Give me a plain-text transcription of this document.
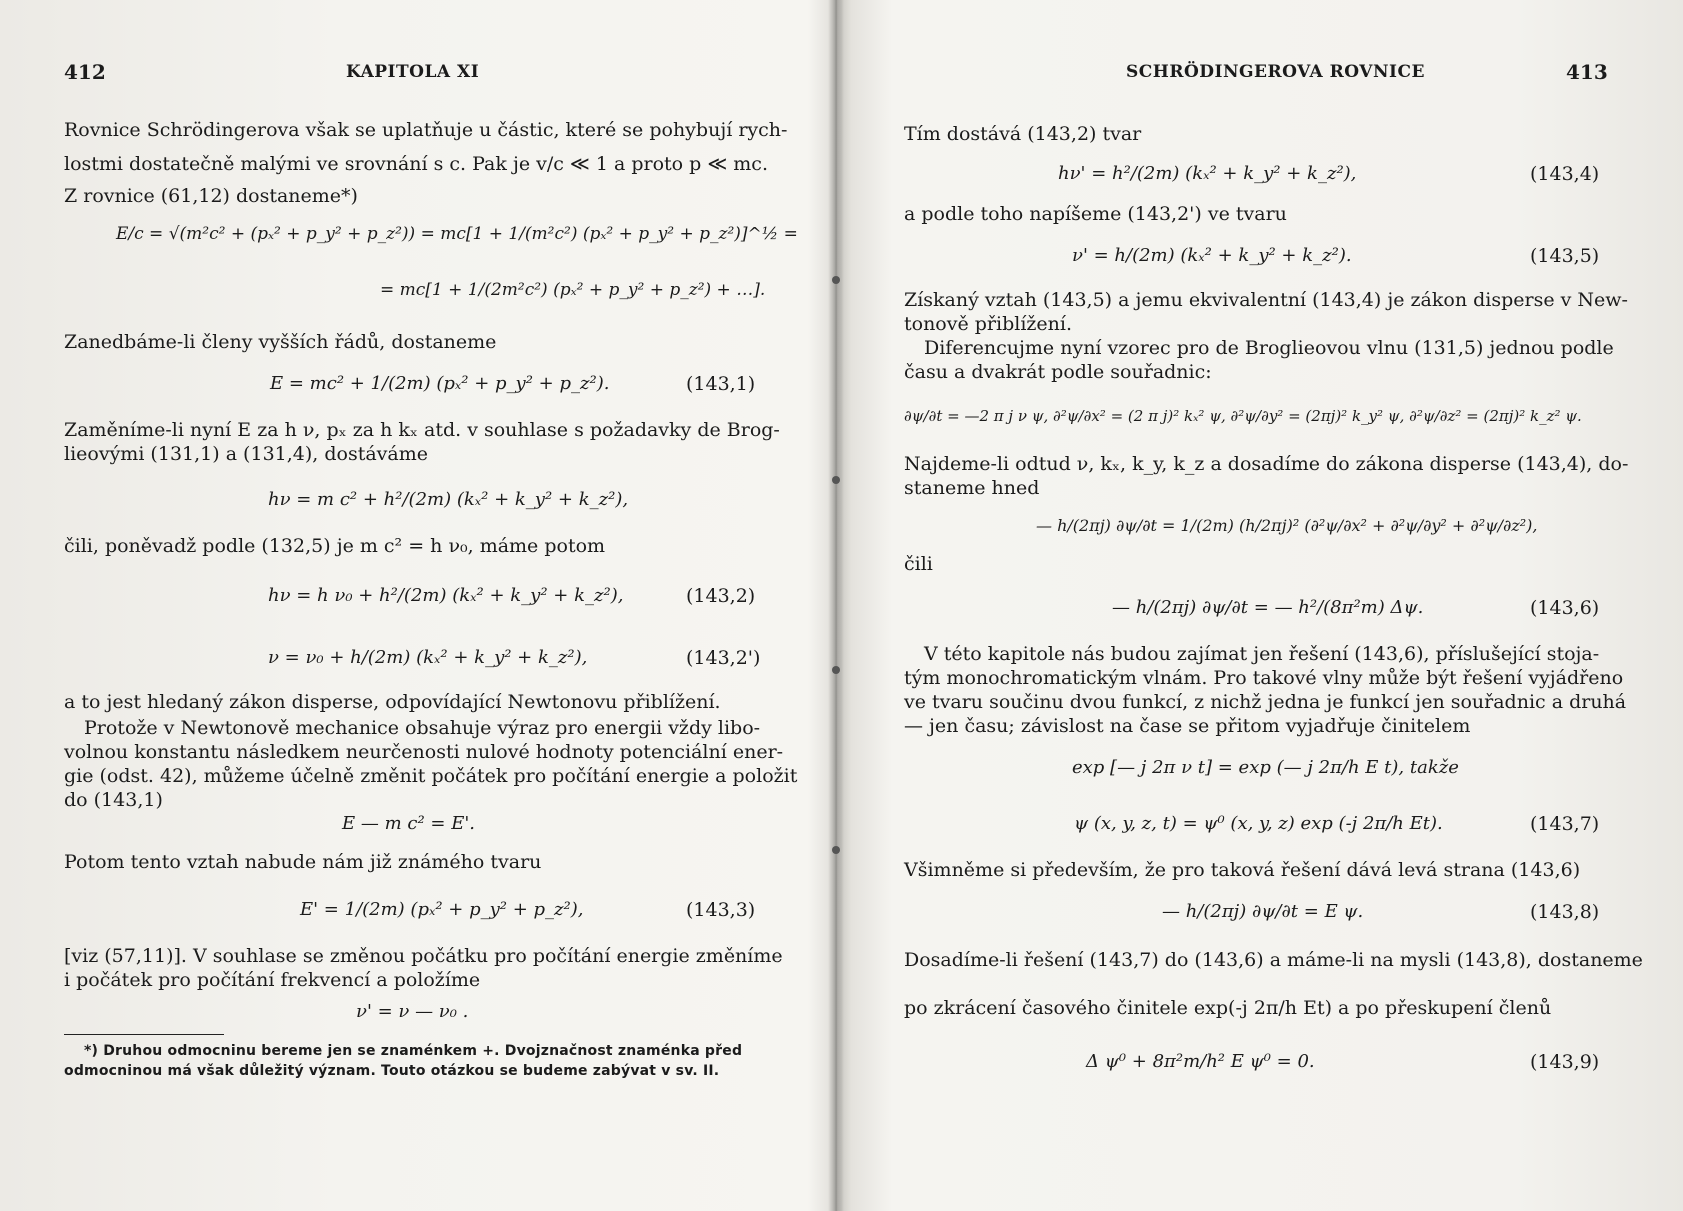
412	KAPITOLA XI
Rovnice Schrödingerova však se uplatňuje u částic, které se pohybují rych-
lostmi dostatečně malými ve srovnání s c. Pak je v/c ≪ 1 a proto p ≪ mc.
Z rovnice (61,12) dostaneme*)
E/c = √(m²c² + (pₓ² + p_y² + p_z²)) = mc[1 + 1/(m²c²) (pₓ² + p_y² + p_z²)]^½ =
= mc[1 + 1/(2m²c²) (pₓ² + p_y² + p_z²) + …].
Zanedbáme-li členy vyšších řádů, dostaneme
E = mc² + 1/(2m) (pₓ² + p_y² + p_z²).	(143,1)
Zaměníme-li nyní E za h ν, pₓ za h kₓ atd. v souhlase s požadavky de Brog-
lieovými (131,1) a (131,4), dostáváme
hν = m c² + h²/(2m) (kₓ² + k_y² + k_z²),
čili, poněvadž podle (132,5) je m c² = h ν₀, máme potom
hν = h ν₀ + h²/(2m) (kₓ² + k_y² + k_z²),	(143,2)
ν = ν₀ + h/(2m) (kₓ² + k_y² + k_z²),	(143,2')
a to jest hledaný zákon disperse, odpovídající Newtonovu přiblížení.
Protože v Newtonově mechanice obsahuje výraz pro energii vždy libo-
volnou konstantu následkem neurčenosti nulové hodnoty potenciální ener-
gie (odst. 42), můžeme účelně změnit počátek pro počítání energie a položit
do (143,1)
E — m c² = E'.
Potom tento vztah nabude nám již známého tvaru
E' = 1/(2m) (pₓ² + p_y² + p_z²),	(143,3)
[viz (57,11)]. V souhlase se změnou počátku pro počítání energie změníme
i počátek pro počítání frekvencí a položíme
ν' = ν — ν₀ .
*) Druhou odmocninu bereme jen se znaménkem +. Dvojznačnost znaménka před
odmocninou má však důležitý význam. Touto otázkou se budeme zabývat v sv. II.
SCHRÖDINGEROVA ROVNICE	413
Tím dostává (143,2) tvar
hν' = h²/(2m) (kₓ² + k_y² + k_z²),	(143,4)
a podle toho napíšeme (143,2') ve tvaru
ν' = h/(2m) (kₓ² + k_y² + k_z²).	(143,5)
Získaný vztah (143,5) a jemu ekvivalentní (143,4) je zákon disperse v New-
tonově přiblížení.
Diferencujme nyní vzorec pro de Broglieovou vlnu (131,5) jednou podle
času a dvakrát podle souřadnic:
∂ψ/∂t = —2 π j ν ψ, ∂²ψ/∂x² = (2 π j)² kₓ² ψ, ∂²ψ/∂y² = (2πj)² k_y² ψ, ∂²ψ/∂z² = (2πj)² k_z² ψ.
Najdeme-li odtud ν, kₓ, k_y, k_z a dosadíme do zákona disperse (143,4), do-
staneme hned
— h/(2πj) ∂ψ/∂t = 1/(2m) (h/2πj)² (∂²ψ/∂x² + ∂²ψ/∂y² + ∂²ψ/∂z²),
čili
— h/(2πj) ∂ψ/∂t = — h²/(8π²m) Δψ.	(143,6)
V této kapitole nás budou zajímat jen řešení (143,6), příslušející stoja-
tým monochromatickým vlnám. Pro takové vlny může být řešení vyjádřeno
ve tvaru součinu dvou funkcí, z nichž jedna je funkcí jen souřadnic a druhá
— jen času; závislost na čase se přitom vyjadřuje činitelem
exp [— j 2π ν t] = exp (— j 2π/h E t), takže
ψ (x, y, z, t) = ψ⁰ (x, y, z) exp (-j 2π/h Et).	(143,7)
Všimněme si především, že pro taková řešení dává levá strana (143,6)
— h/(2πj) ∂ψ/∂t = E ψ.	(143,8)
Dosadíme-li řešení (143,7) do (143,6) a máme-li na mysli (143,8), dostaneme
po zkrácení časového činitele exp(-j 2π/h Et) a po přeskupení členů
Δ ψ⁰ + 8π²m/h² E ψ⁰ = 0.	(143,9)
